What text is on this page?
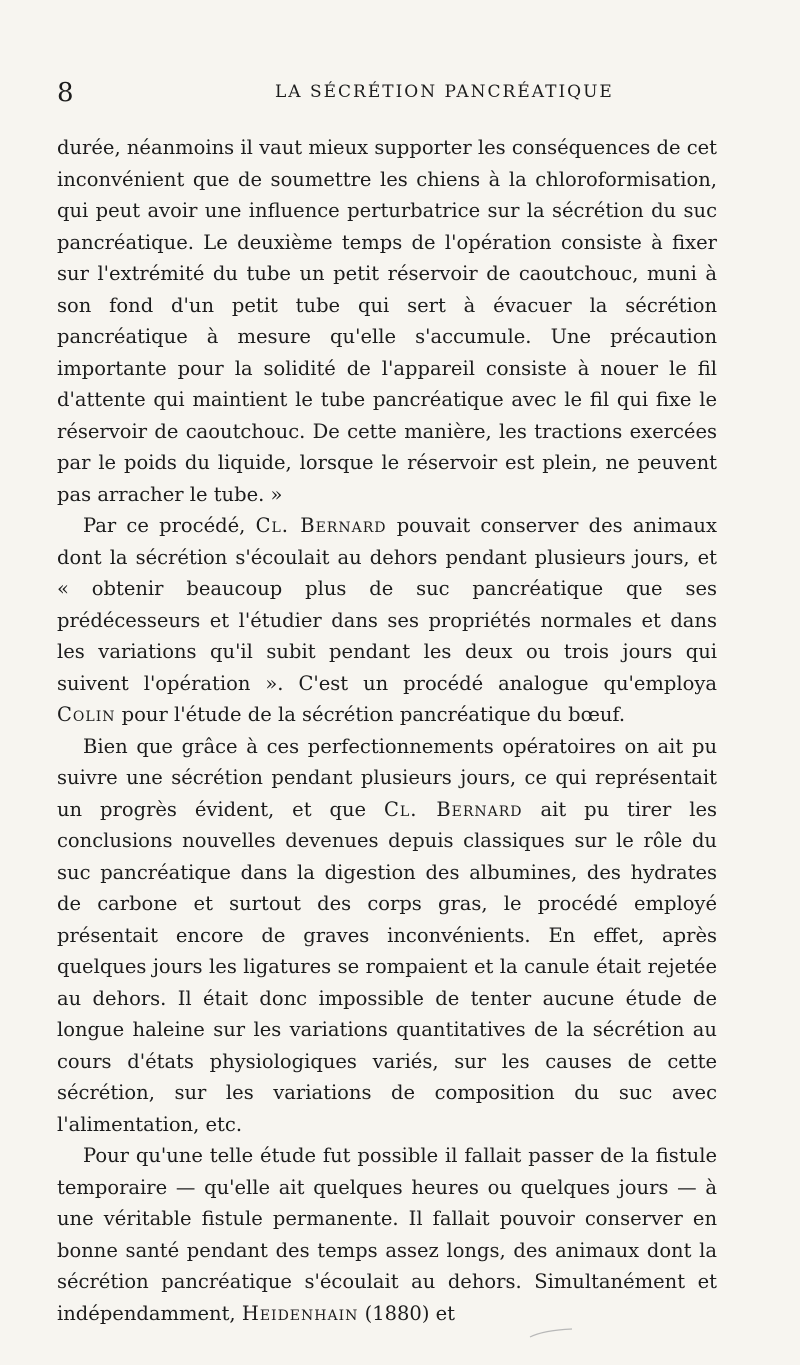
8	LA SÉCRÉTION PANCRÉATIQUE

durée, néanmoins il vaut mieux supporter les conséquences de cet inconvénient que de soumettre les chiens à la chloroformisation, qui peut avoir une influence perturbatrice sur la sécrétion du suc pancréatique. Le deuxième temps de l'opération consiste à fixer sur l'extrémité du tube un petit réservoir de caoutchouc, muni à son fond d'un petit tube qui sert à évacuer la sécrétion pancréatique à mesure qu'elle s'accumule. Une précaution importante pour la solidité de l'appareil consiste à nouer le fil d'attente qui maintient le tube pancréatique avec le fil qui fixe le réservoir de caoutchouc. De cette manière, les tractions exercées par le poids du liquide, lorsque le réservoir est plein, ne peuvent pas arracher le tube. »

Par ce procédé, Cl. Bernard pouvait conserver des animaux dont la sécrétion s'écoulait au dehors pendant plusieurs jours, et « obtenir beaucoup plus de suc pancréatique que ses prédécesseurs et l'étudier dans ses propriétés normales et dans les variations qu'il subit pendant les deux ou trois jours qui suivent l'opération ». C'est un procédé analogue qu'employa Colin pour l'étude de la sécrétion pancréatique du bœuf.

Bien que grâce à ces perfectionnements opératoires on ait pu suivre une sécrétion pendant plusieurs jours, ce qui représentait un progrès évident, et que Cl. Bernard ait pu tirer les conclusions nouvelles devenues depuis classiques sur le rôle du suc pancréatique dans la digestion des albumines, des hydrates de carbone et surtout des corps gras, le procédé employé présentait encore de graves inconvénients. En effet, après quelques jours les ligatures se rompaient et la canule était rejetée au dehors. Il était donc impossible de tenter aucune étude de longue haleine sur les variations quantitatives de la sécrétion au cours d'états physiologiques variés, sur les causes de cette sécrétion, sur les variations de composition du suc avec l'alimentation, etc.

Pour qu'une telle étude fut possible il fallait passer de la fistule temporaire — qu'elle ait quelques heures ou quelques jours — à une véritable fistule permanente. Il fallait pouvoir conserver en bonne santé pendant des temps assez longs, des animaux dont la sécrétion pancréatique s'écoulait au dehors. Simultanément et indépendamment, Heidenhain (1880) et
